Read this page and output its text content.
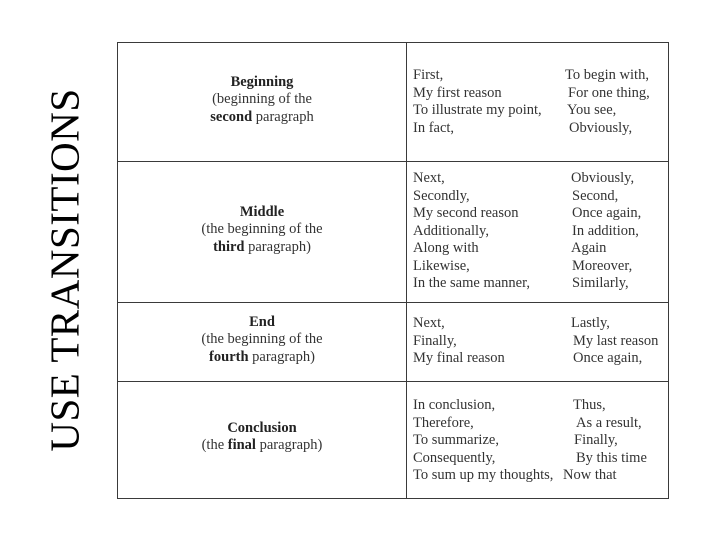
USE TRANSITIONS
Beginning
(beginning of the
second paragraph
First,
My first reason
To illustrate my point,
In fact,
To begin with,
For one thing,
You see,
Obviously,
Middle
(the beginning of the
third paragraph)
Next,
Secondly,
My second reason
Additionally,
Along with
Likewise,
In the same manner,
Obviously,
Second,
Once again,
In addition,
Again
Moreover,
Similarly,
End
(the beginning of the
fourth paragraph)
Next,
Finally,
My final reason
Lastly,
My last reason
Once again,
Conclusion
(the final paragraph)
In conclusion,
Therefore,
To summarize,
Consequently,
To sum up my thoughts,
Thus,
As a result,
Finally,
By this time
Now that
